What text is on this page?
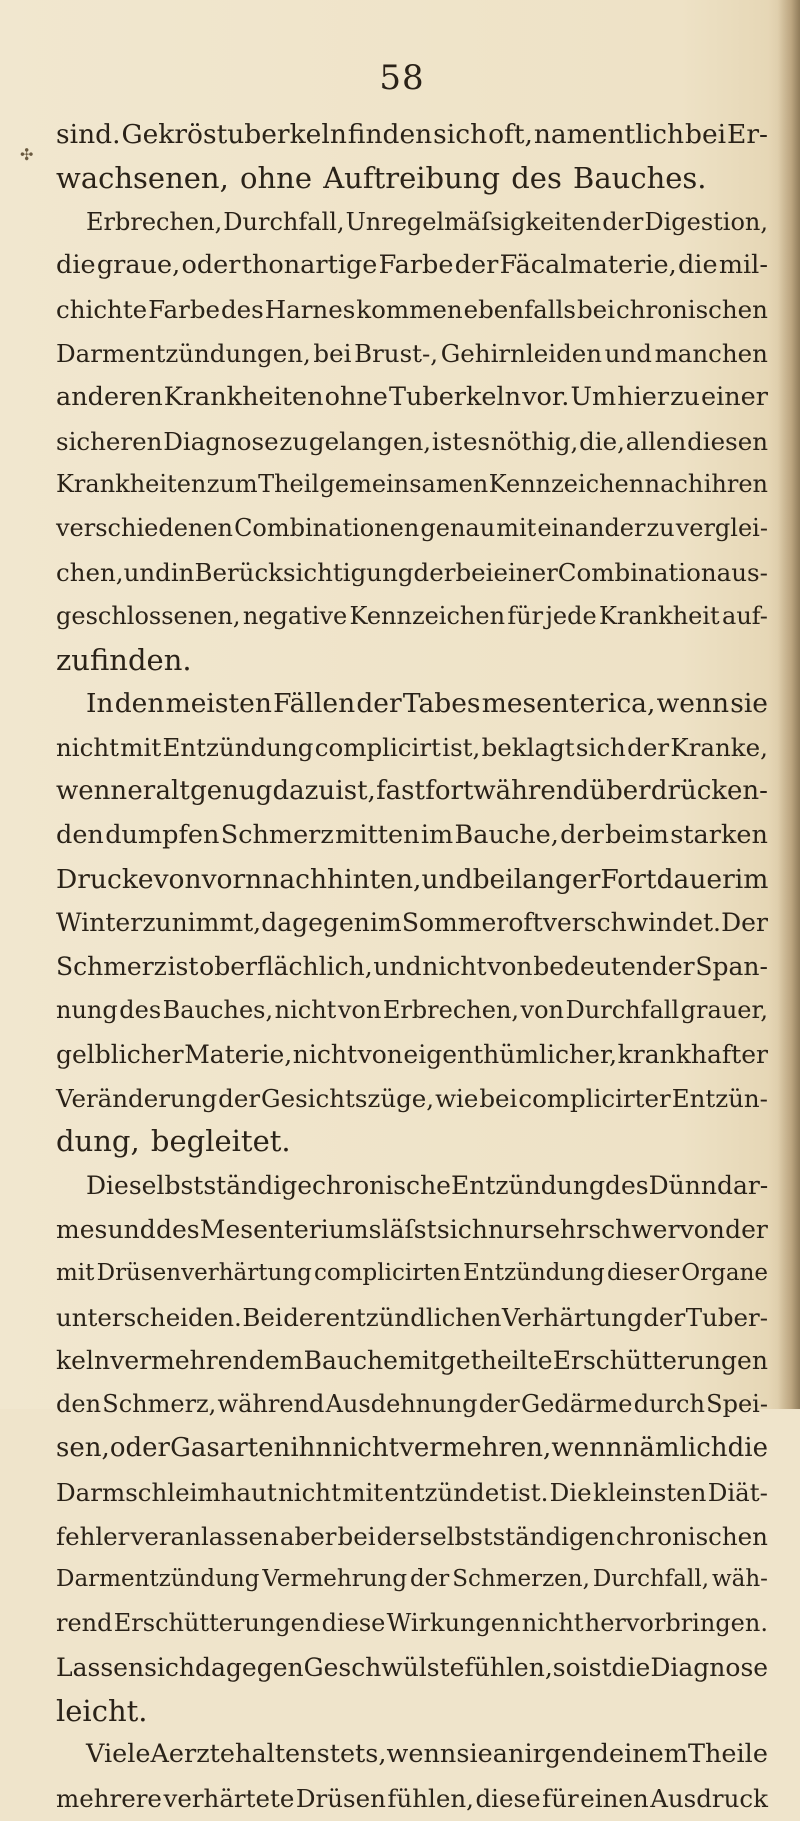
58
✣
sind. Gekröstuberkeln finden sich oft, namentlich bei Er-
wachsenen, ohne Auftreibung des Bauches.
Erbrechen, Durchfall, Unregelmäſsigkeiten der Digestion,
die graue, oder thonartige Farbe der Fäcalmaterie, die mil-
chichte Farbe des Harnes kommen ebenfalls bei chronischen
Darmentzündungen, bei Brust-, Gehirnleiden und manchen
anderen Krankheiten ohne Tuberkeln vor. Um hier zu einer
sicheren Diagnose zu gelangen, ist es nöthig, die, allen diesen
Krankheiten zum Theil gemeinsamen Kennzeichen nach ihren
verschiedenen Combinationen genau mit einander zu verglei-
chen, und in Berücksichtigung der bei einer Combination aus-
geschlossenen, negative Kennzeichen für jede Krankheit auf-
zufinden.
In den meisten Fällen der Tabes mesenterica, wenn sie
nicht mit Entzündung complicirt ist, beklagt sich der Kranke,
wenn er alt genug dazu ist, fast fortwährend über drücken-
den dumpfen Schmerz mitten im Bauche, der beim starken
Drucke von vorn nach hinten, und bei langer Fortdauer im
Winter zunimmt, dagegen im Sommer oft verschwindet. Der
Schmerz ist oberflächlich, und nicht von bedeutender Span-
nung des Bauches, nicht von Erbrechen, von Durchfall grauer,
gelblicher Materie, nicht von eigenthümlicher, krankhafter
Veränderung der Gesichtszüge, wie bei complicirter Entzün-
dung, begleitet.
Die selbstständige chronische Entzündung des Dünndar-
mes und des Mesenteriums läſst sich nur sehr schwer von der
mit Drüsenverhärtung complicirten Entzündung dieser Organe
unterscheiden. Bei der entzündlichen Verhärtung der Tuber-
keln vermehren dem Bauche mitgetheilte Erschütterungen
den Schmerz, während Ausdehnung der Gedärme durch Spei-
sen, oder Gasarten ihn nicht vermehren, wenn nämlich die
Darmschleimhaut nicht mit entzündet ist. Die kleinsten Diät-
fehler veranlassen aber bei der selbstständigen chronischen
Darmentzündung Vermehrung der Schmerzen, Durchfall, wäh-
rend Erschütterungen diese Wirkungen nicht hervorbringen.
Lassen sich dagegen Geschwülste fühlen, so ist die Diagnose
leicht.
Viele Aerzte halten stets, wenn sie an irgend einem Theile
mehrere verhärtete Drüsen fühlen, diese für einen Ausdruck
